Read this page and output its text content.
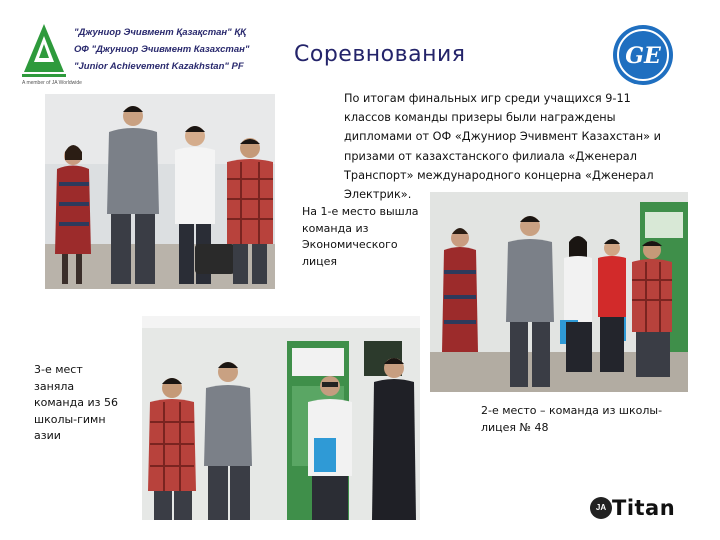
"Джуниор Эчивмент Қазақстан" ҚҚ
ОФ "Джуниор Эчивмент Казахстан"
"Junior Achievement Kazakhstan" PF
A member of JA Worldwide
Соревнования	GE
По итогам финальных игр среди учащихся 9-11 классов команды призеры были награждены дипломами от ОФ «Джуниор Эчивмент Казахстан» и призами от казахстанского филиала «Дженерал Транспорт» международного концерна «Дженерал Электрик».
На 1-е место вышла команда из Экономического лицея
2-е место – команда из школы-лицея № 48
3-е мест заняла команда из 56 школы-гимн азии
JA Titan
